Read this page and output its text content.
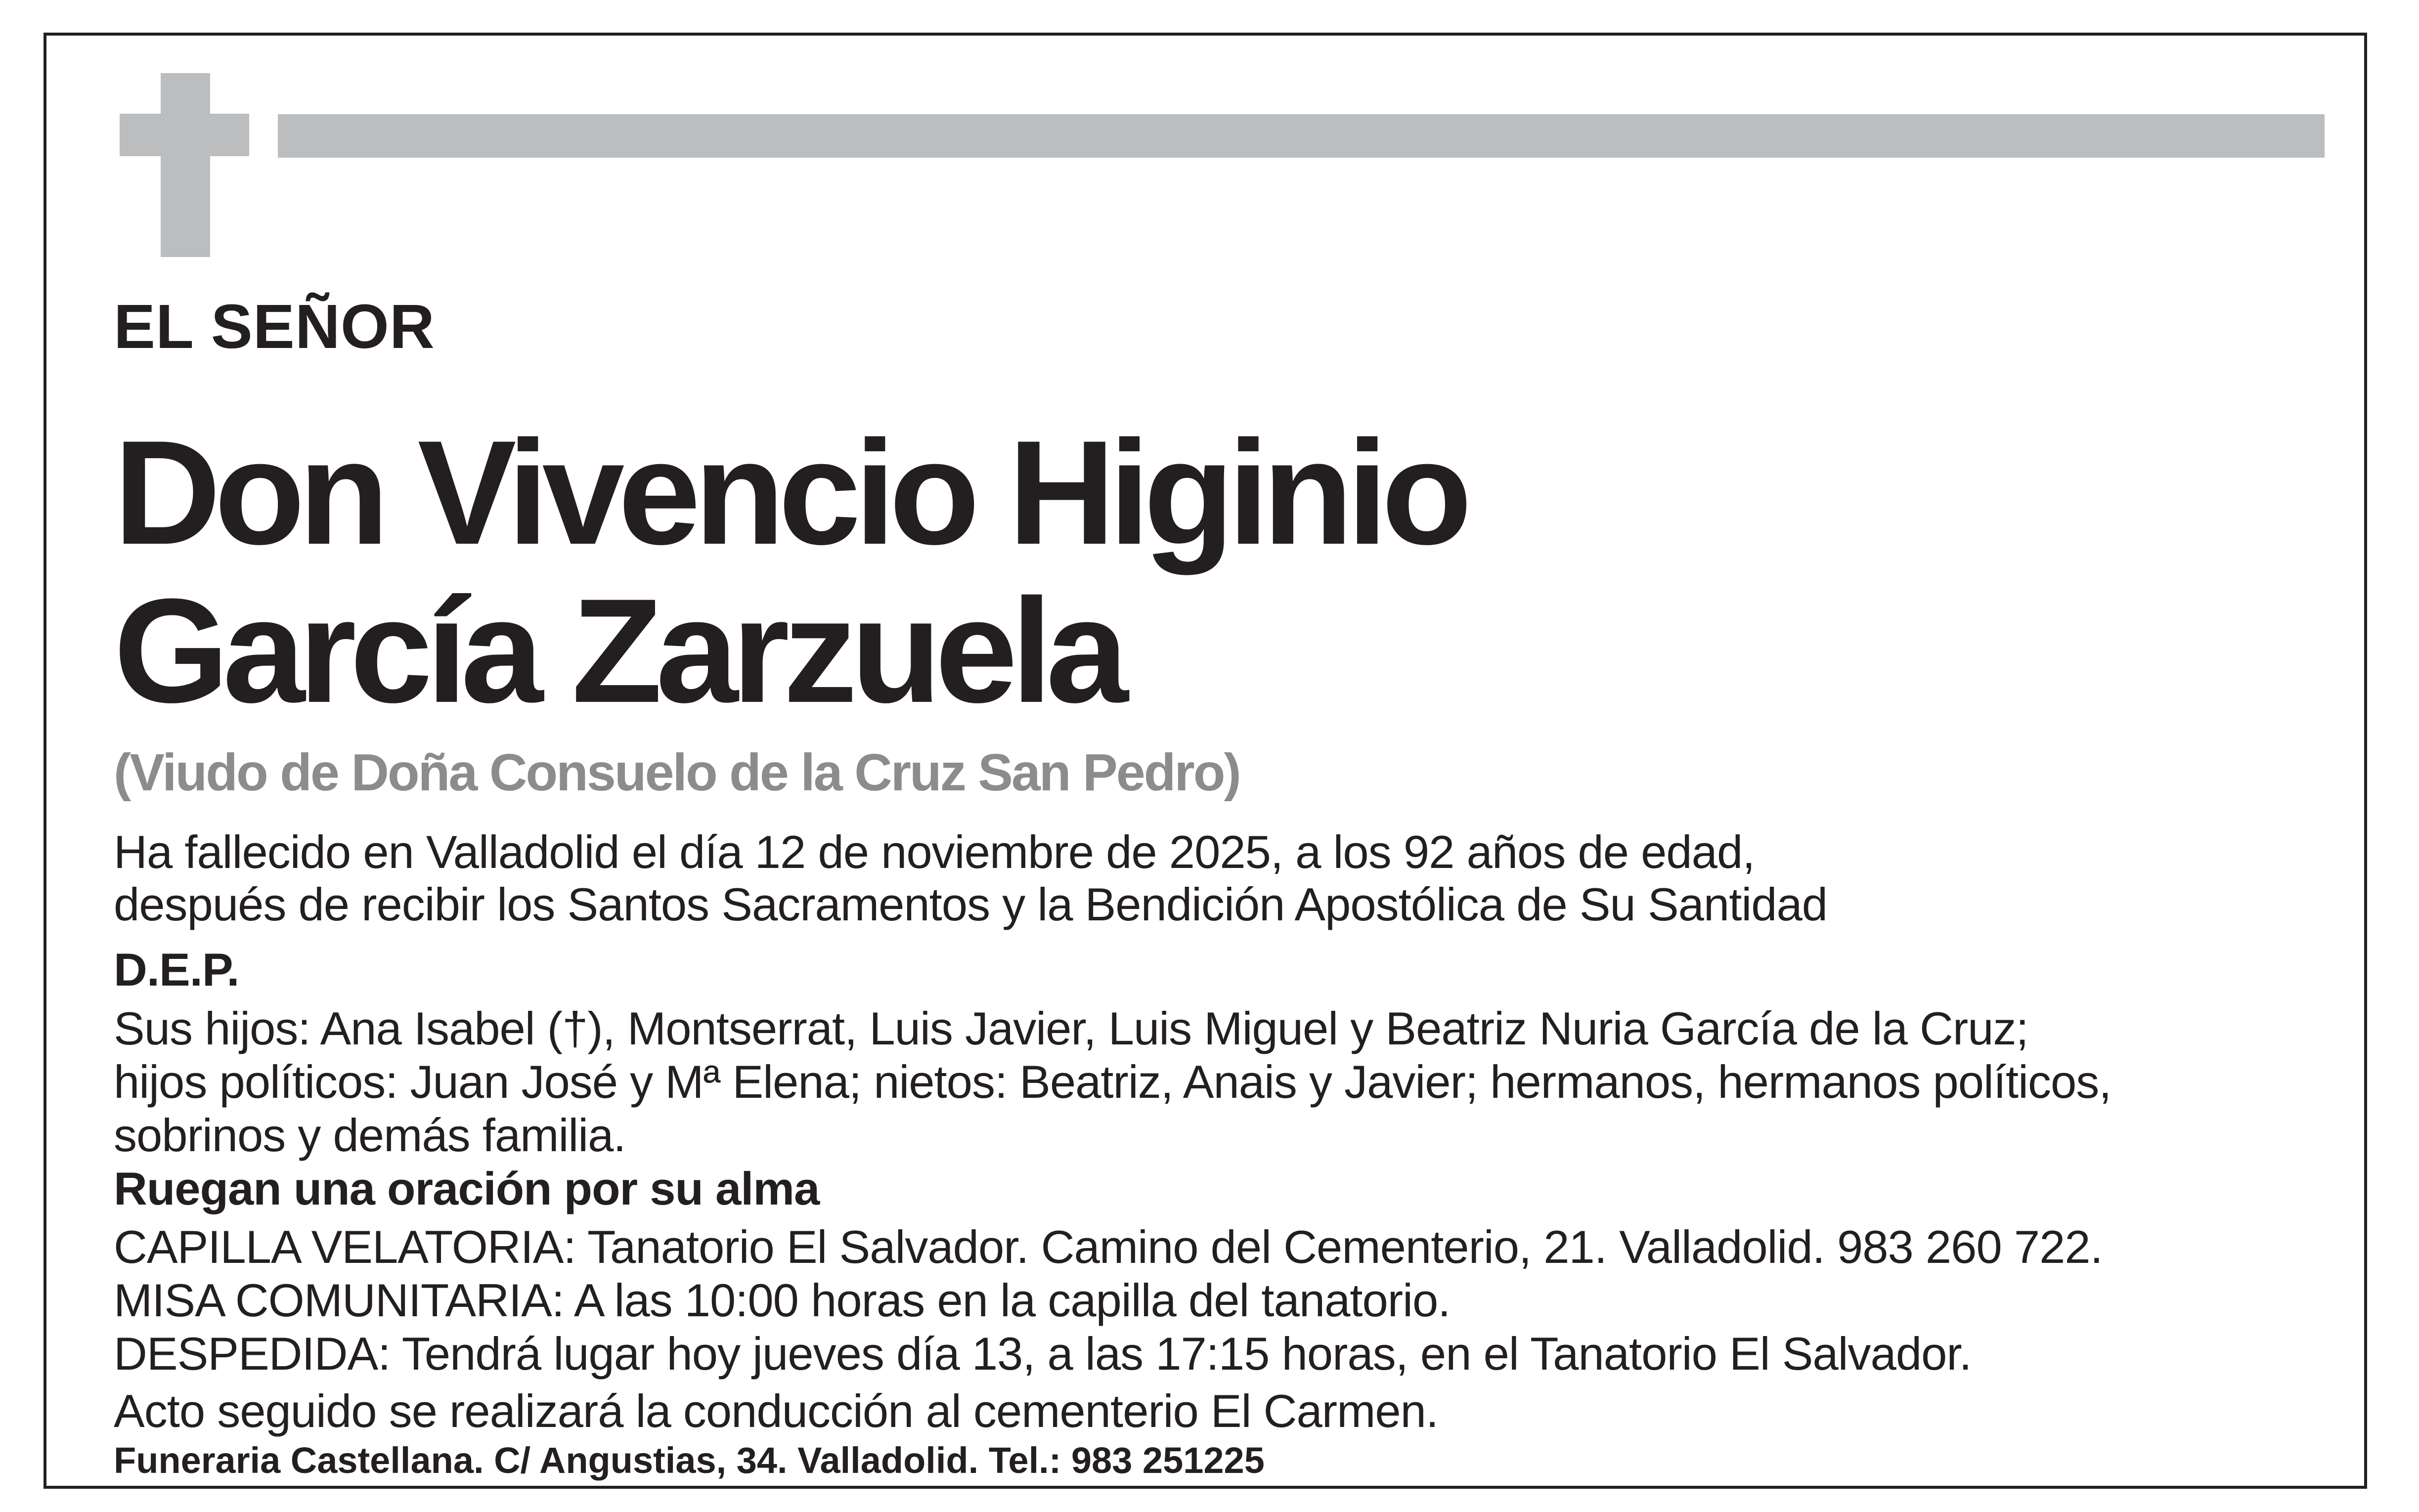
EL SEÑOR

Don Vivencio Higinio

García Zarzuela

(Viudo de Doña Consuelo de la Cruz San Pedro)

Ha fallecido en Valladolid el día 12 de noviembre de 2025, a los 92 años de edad,

después de recibir los Santos Sacramentos y la Bendición Apostólica de Su Santidad

D.E.P.

Sus hijos: Ana Isabel (†), Montserrat, Luis Javier, Luis Miguel y Beatriz Nuria García de la Cruz;

hijos políticos: Juan José y Mª Elena; nietos: Beatriz, Anais y Javier; hermanos, hermanos políticos,

sobrinos y demás familia.

Ruegan una oración por su alma

CAPILLA VELATORIA: Tanatorio El Salvador. Camino del Cementerio, 21. Valladolid. 983 260 722.

MISA COMUNITARIA: A las 10:00 horas en la capilla del tanatorio.

DESPEDIDA: Tendrá lugar hoy jueves día 13, a las 17:15 horas, en el Tanatorio El Salvador.

Acto seguido se realizará la conducción al cementerio El Carmen.

Funeraria Castellana. C/ Angustias, 34. Valladolid. Tel.: 983 251225
